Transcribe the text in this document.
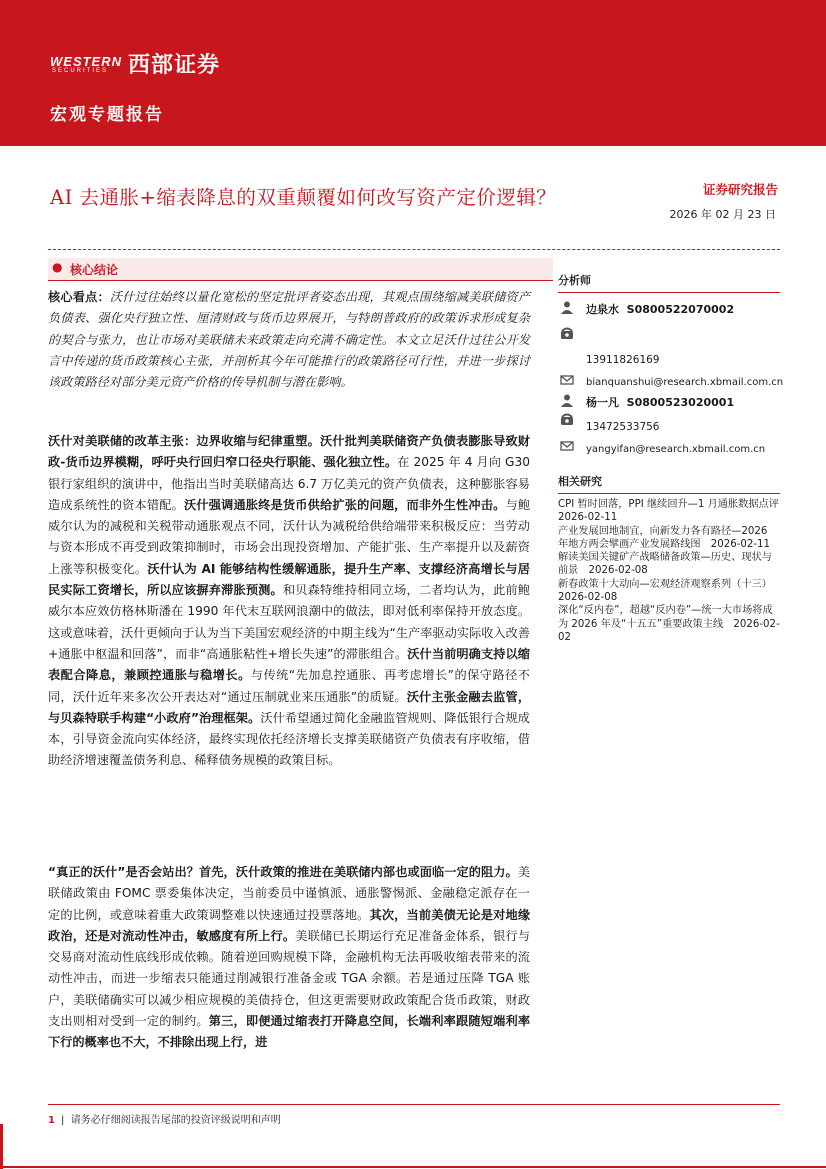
WESTERN
SECURITIES 西部证券
宏观专题报告
AI 去通胀+缩表降息的双重颠覆如何改写资产定价逻辑？	证券研究报告
2026 年 02 月 23 日
● 核心结论

核心看点：沃什过往始终以量化宽松的坚定批评者姿态出现，其观点围绕缩减美联储资产负债表、强化央行独立性、厘清财政与货币边界展开，与特朗普政府的政策诉求形成复杂的契合与张力，也让市场对美联储未来政策走向充满不确定性。本文立足沃什过往公开发言中传递的货币政策核心主张，并剖析其今年可能推行的政策路径可行性，并进一步探讨该政策路径对部分美元资产价格的传导机制与潜在影响。

沃什对美联储的改革主张：边界收缩与纪律重塑。沃什批判美联储资产负债表膨胀导致财政-货币边界模糊，呼吁央行回归窄口径央行职能、强化独立性。在 2025 年 4 月向 G30 银行家组织的演讲中，他指出当时美联储高达 6.7 万亿美元的资产负债表，这种膨胀容易造成系统性的资本错配。沃什强调通胀终是货币供给扩张的问题，而非外生性冲击。与鲍威尔认为的减税和关税带动通胀观点不同，沃什认为减税给供给端带来积极反应：当劳动与资本形成不再受到政策抑制时，市场会出现投资增加、产能扩张、生产率提升以及薪资上涨等积极变化。沃什认为 AI 能够结构性缓解通胀，提升生产率、支撑经济高增长与居民实际工资增长，所以应该摒弃滞胀预测。和贝森特维持相同立场，二者均认为，此前鲍威尔本应效仿格林斯潘在 1990 年代末互联网浪潮中的做法，即对低利率保持开放态度。这或意味着，沃什更倾向于认为当下美国宏观经济的中期主线为“生产率驱动实际收入改善+通胀中枢温和回落”，而非“高通胀粘性+增长失速”的滞胀组合。沃什当前明确支持以缩表配合降息，兼顾控通胀与稳增长。与传统“先加息控通胀、再考虑增长”的保守路径不同，沃什近年来多次公开表达对“通过压制就业来压通胀”的质疑。沃什主张金融去监管，与贝森特联手构建“小政府”治理框架。沃什希望通过简化金融监管规则、降低银行合规成本，引导资金流向实体经济，最终实现依托经济增长支撑美联储资产负债表有序收缩，借助经济增速覆盖债务利息、稀释债务规模的政策目标。

“真正的沃什”是否会站出？首先，沃什政策的推进在美联储内部也或面临一定的阻力。美联储政策由 FOMC 票委集体决定，当前委员中谨慎派、通胀警惕派、金融稳定派存在一定的比例，或意味着重大政策调整难以快速通过投票落地。其次，当前美债无论是对地缘政治，还是对流动性冲击，敏感度有所上行。美联储已长期运行充足准备金体系，银行与交易商对流动性底线形成依赖。随着逆回购规模下降，金融机构无法再吸收缩表带来的流动性冲击，而进一步缩表只能通过削减银行准备金或 TGA 余额。若是通过压降 TGA 账户，美联储确实可以减少相应规模的美债持仓，但这更需要财政政策配合货币政策，财政支出则相对受到一定的制约。第三，即便通过缩表打开降息空间，长端利率跟随短端利率下行的概率也不大，不排除出现上行，进

分析师
边泉水 S0800522070002
13911826169
bianquanshui@research.xbmail.com.cn
杨一凡 S0800523020001
13472533756
yangyifan@research.xbmail.com.cn
相关研究
CPI 暂时回落，PPI 继续回升—1 月通胀数据点评　2026-02-11
产业发展回地制宜，向新发力各有路径—2026 年地方两会擘画产业发展路线图　2026-02-11
解读美国关键矿产战略储备政策—历史、现状与前景　2026-02-08
新春政策十大动向—宏观经济观察系列（十三）　2026-02-08
深化“反内卷”，超越“反内卷”—统一大市场将成为 2026 年及“十五五”重要政策主线　2026-02-02
1 |  请务必仔细阅读报告尾部的投资评级说明和声明
